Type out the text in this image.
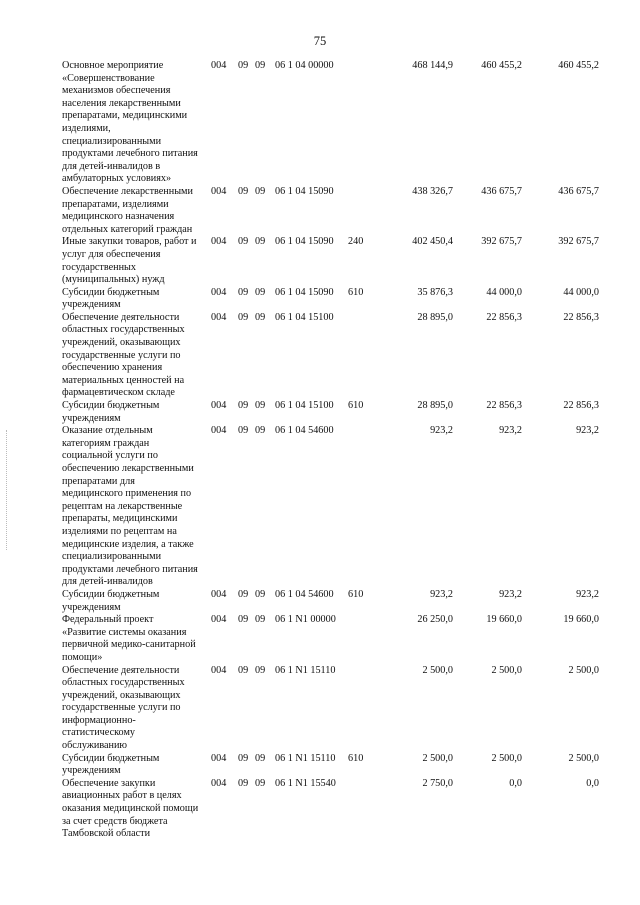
75
Основное мероприятие
«Совершенствование
механизмов обеспечения
населения лекарственными
препаратами, медицинскими
изделиями,
специализированными
продуктами лечебного питания
для детей-инвалидов в
амбулаторных условиях»
004 09 09 06 1 04 00000	468 144,9	460 455,2	460 455,2
Обеспечение лекарственными
препаратами, изделиями
медицинского назначения
отдельных категорий граждан
004 09 09 06 1 04 15090	438 326,7	436 675,7	436 675,7
Иные закупки товаров, работ и
услуг для обеспечения
государственных
(муниципальных) нужд
004 09 09 06 1 04 15090 240	402 450,4	392 675,7	392 675,7
Субсидии бюджетным
учреждениям
004 09 09 06 1 04 15090 610	35 876,3	44 000,0	44 000,0
Обеспечение деятельности
областных государственных
учреждений, оказывающих
государственные услуги по
обеспечению хранения
материальных ценностей на
фармацевтическом складе
004 09 09 06 1 04 15100	28 895,0	22 856,3	22 856,3
Субсидии бюджетным
учреждениям
004 09 09 06 1 04 15100 610	28 895,0	22 856,3	22 856,3
Оказание отдельным
категориям граждан
социальной услуги по
обеспечению лекарственными
препаратами для
медицинского применения по
рецептам на лекарственные
препараты, медицинскими
изделиями по рецептам на
медицинские изделия, а также
специализированными
продуктами лечебного питания
для детей-инвалидов
004 09 09 06 1 04 54600	923,2	923,2	923,2
Субсидии бюджетным
учреждениям
004 09 09 06 1 04 54600 610	923,2	923,2	923,2
Федеральный проект
«Развитие системы оказания
первичной медико-санитарной
помощи»
004 09 09 06 1 N1 00000	26 250,0	19 660,0	19 660,0
Обеспечение деятельности
областных государственных
учреждений, оказывающих
государственные услуги по
информационно-
статистическому
обслуживанию
004 09 09 06 1 N1 15110	2 500,0	2 500,0	2 500,0
Субсидии бюджетным
учреждениям
004 09 09 06 1 N1 15110 610	2 500,0	2 500,0	2 500,0
Обеспечение закупки
авиационных работ в целях
оказания медицинской помощи
за счет средств бюджета
Тамбовской области
004 09 09 06 1 N1 15540	2 750,0	0,0	0,0
